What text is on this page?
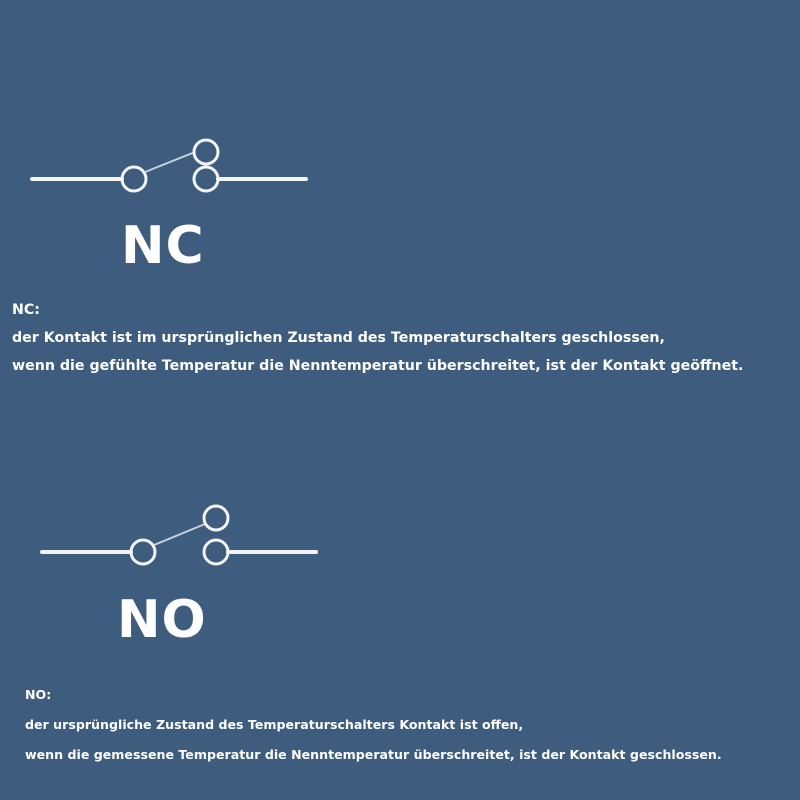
NC
NC:
der Kontakt ist im ursprünglichen Zustand des Temperaturschalters geschlossen,
wenn die gefühlte Temperatur die Nenntemperatur überschreitet, ist der Kontakt geöffnet.
NO
NO:
der ursprüngliche Zustand des Temperaturschalters Kontakt ist offen,
wenn die gemessene Temperatur die Nenntemperatur überschreitet, ist der Kontakt geschlossen.
